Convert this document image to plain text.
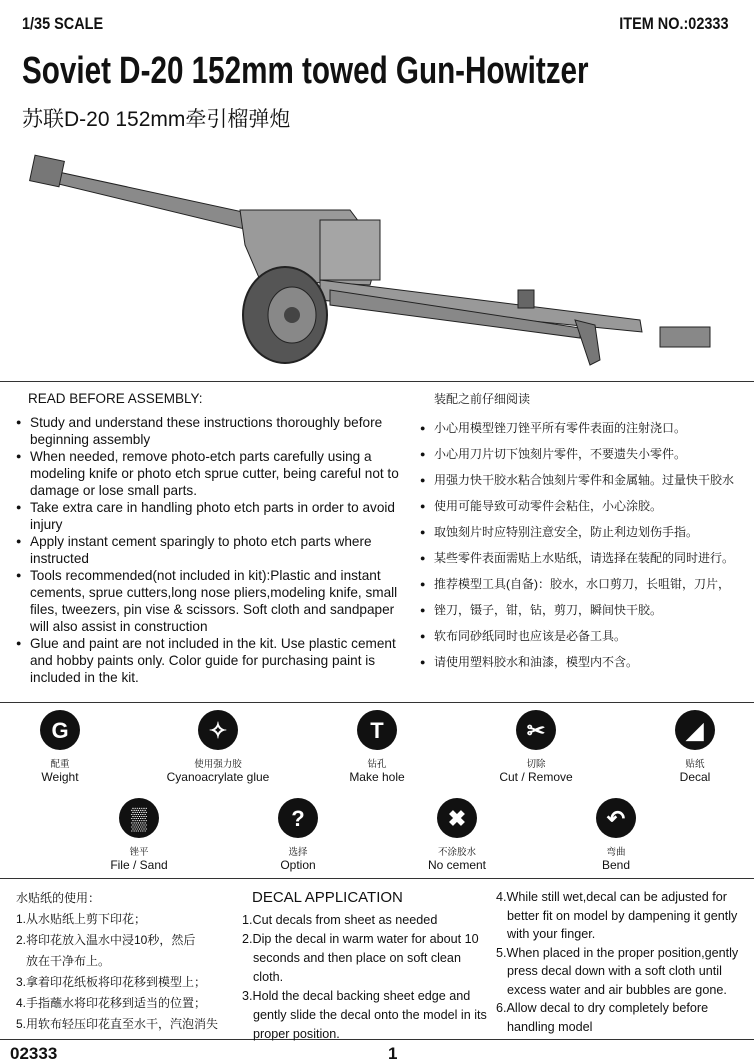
1/35 SCALE	ITEM NO.:02333
Soviet D-20 152mm towed Gun-Howitzer
苏联D-20 152mm牵引榴弹炮
READ BEFORE ASSEMBLY:
● Study and understand these instructions thoroughly before beginning assembly
● When needed, remove photo-etch parts carefully using a modeling knife or photo etch sprue cutter, being careful not to damage or lose small parts.
● Take extra care in handling photo etch parts in order to avoid injury
● Apply instant cement sparingly to photo etch parts where instructed
● Tools recommended(not included in kit):Plastic and instant cements, sprue cutters,long nose pliers,modeling knife, small files, tweezers, pin vise & scissors. Soft cloth and sandpaper will also assist in construction
● Glue and paint are not included in the kit. Use plastic cement and hobby paints only. Color guide for purchasing paint is included in the kit.
装配之前仔细阅读
● 小心用模型锉刀锉平所有零件表面的注射浇口。
● 小心用刀片切下蚀刻片零件，不要遗失小零件。
● 用强力快干胶水粘合蚀刻片零件和金属轴。过量快干胶水
● 使用可能导致可动零件会粘住，小心涂胶。
● 取蚀刻片时应特别注意安全，防止利边划伤手指。
● 某些零件表面需贴上水贴纸，请选择在装配的同时进行。
● 推荐模型工具(自备)：胶水，水口剪刀，长咀钳，刀片，
● 锉刀，镊子，钳，钻，剪刀，瞬间快干胶。
● 软布同砂纸同时也应该是必备工具。
● 请使用塑料胶水和油漆，模型内不含。
G
配重
Weight
✧
使用强力胶
Cyanoacrylate glue
T
钻孔
Make hole
✂
切除
Cut / Remove
◢
贴纸
Decal
▒
锉平
File / Sand
?
选择
Option
✖
不涂胶水
No cement
↶
弯曲
Bend
水贴纸的使用：
1.从水贴纸上剪下印花；
2.将印花放入温水中浸10秒，然后
放在干净布上。
3.拿着印花纸板将印花移到模型上；
4.手指蘸水将印花移到适当的位置；
5.用软布轻压印花直至水干，汽泡消失
DECAL APPLICATION
1.Cut decals from sheet as needed
2.Dip the decal in warm water for about 10
seconds and then place on soft clean cloth.
3.Hold the decal backing sheet edge and
gently slide the decal onto the model in its
proper position.
4.While still wet,decal can be adjusted for
better fit on model by dampening it gently
with your finger.
5.When placed in the proper position,gently
press decal down with a soft cloth until
excess water and air bubbles are gone.
6.Allow decal to dry completely before
handling model
02333	1
